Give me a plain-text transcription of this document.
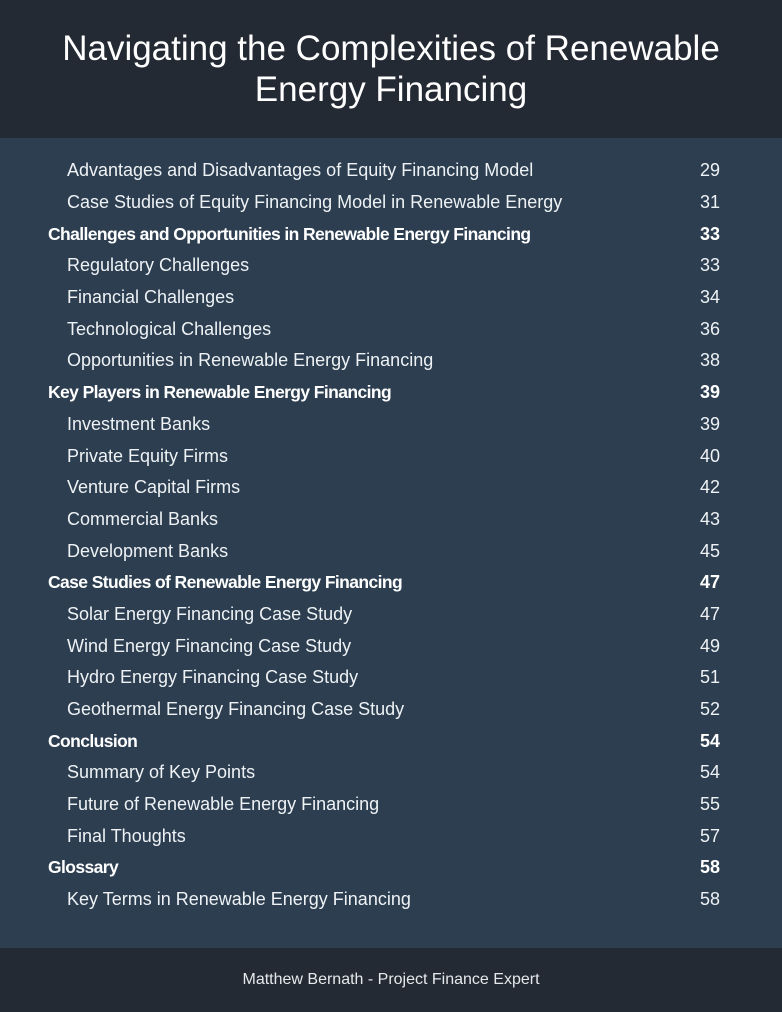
Navigating the Complexities of Renewable Energy Financing
Advantages and Disadvantages of Equity Financing Model	29
Case Studies of Equity Financing Model in Renewable Energy	31
Challenges and Opportunities in Renewable Energy Financing	33
Regulatory Challenges	33
Financial Challenges	34
Technological Challenges	36
Opportunities in Renewable Energy Financing	38
Key Players in Renewable Energy Financing	39
Investment Banks	39
Private Equity Firms	40
Venture Capital Firms	42
Commercial Banks	43
Development Banks	45
Case Studies of Renewable Energy Financing	47
Solar Energy Financing Case Study	47
Wind Energy Financing Case Study	49
Hydro Energy Financing Case Study	51
Geothermal Energy Financing Case Study	52
Conclusion	54
Summary of Key Points	54
Future of Renewable Energy Financing	55
Final Thoughts	57
Glossary	58
Key Terms in Renewable Energy Financing	58
Matthew Bernath - Project Finance Expert
